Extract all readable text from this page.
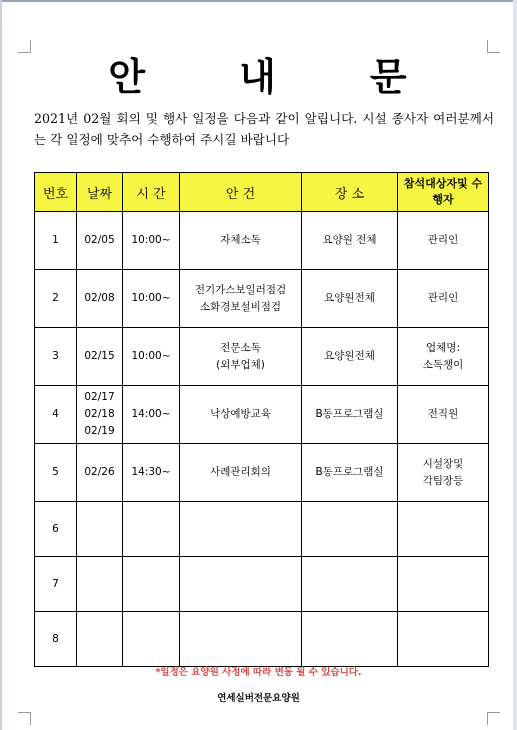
안 내 문
2021년 02월 회의 및 행사 일정을 다음과 같이 알립니다. 시설 종사자 여러분께서는 각 일정에 맞추어 수행하여 주시길 바랍니다
번호	날짜	시 간	안 건	장 소	참석대상자및 수행자
1	02/05	10:00~	자체소독	요양원 전체	관리인

2	02/08	10:00~	전기가스보일러점검
소화경보설비점검	요양원전체	관리인

3	02/15	10:00~	전문소독
(외부업체)	요양원전체	업체명:
소독챙이

4	02/17
02/18
02/19	14:00~	낙상예방교육	B동프로그램실	전직원

5	02/26	14:30~	사례관리회의	B동프로그램실	시설장및
각팀장등

6					
7					
8					
*일정은 요양원 사정에 따라 변동 될 수 있습니다.
연세실버전문요양원
